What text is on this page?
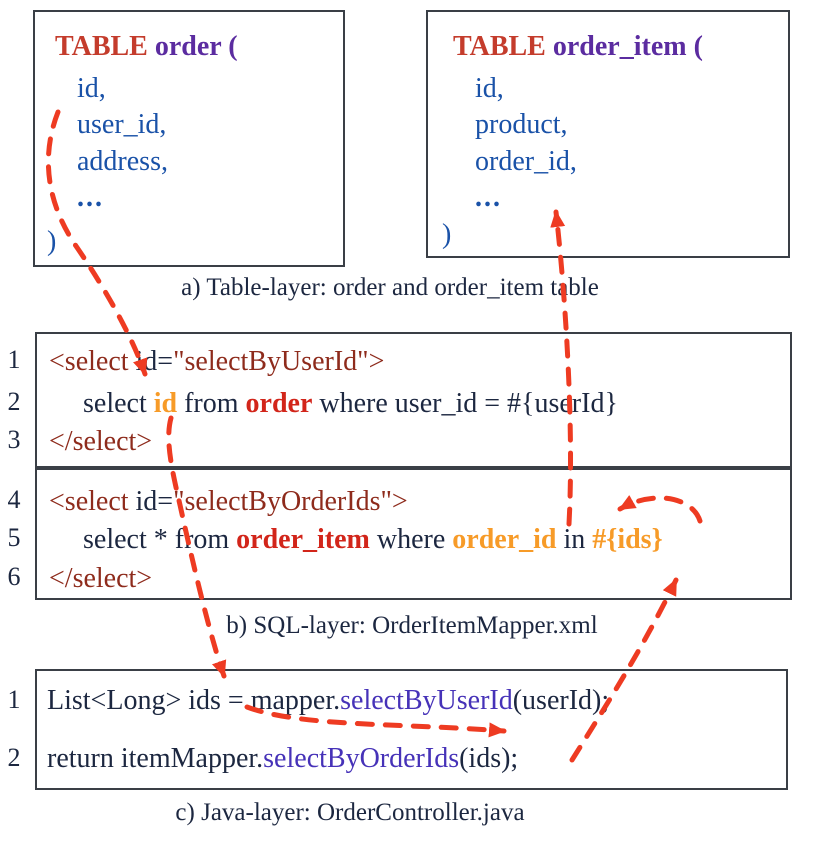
TABLE order (
id,
user_id,
address,
...
)
TABLE order_item (
id,
product,
order_id,
...
)
a) Table-layer: order and order_item table
1
2
3
4
5
6
<select id="selectByUserId">
select id from order where user_id = #{userId}
</select>
<select id="selectByOrderIds">
select * from order_item where order_id in #{ids}
</select>
b) SQL-layer: OrderItemMapper.xml
1
2
List<Long> ids = mapper.selectByUserId(userId);
return itemMapper.selectByOrderIds(ids);
c) Java-layer: OrderController.java
